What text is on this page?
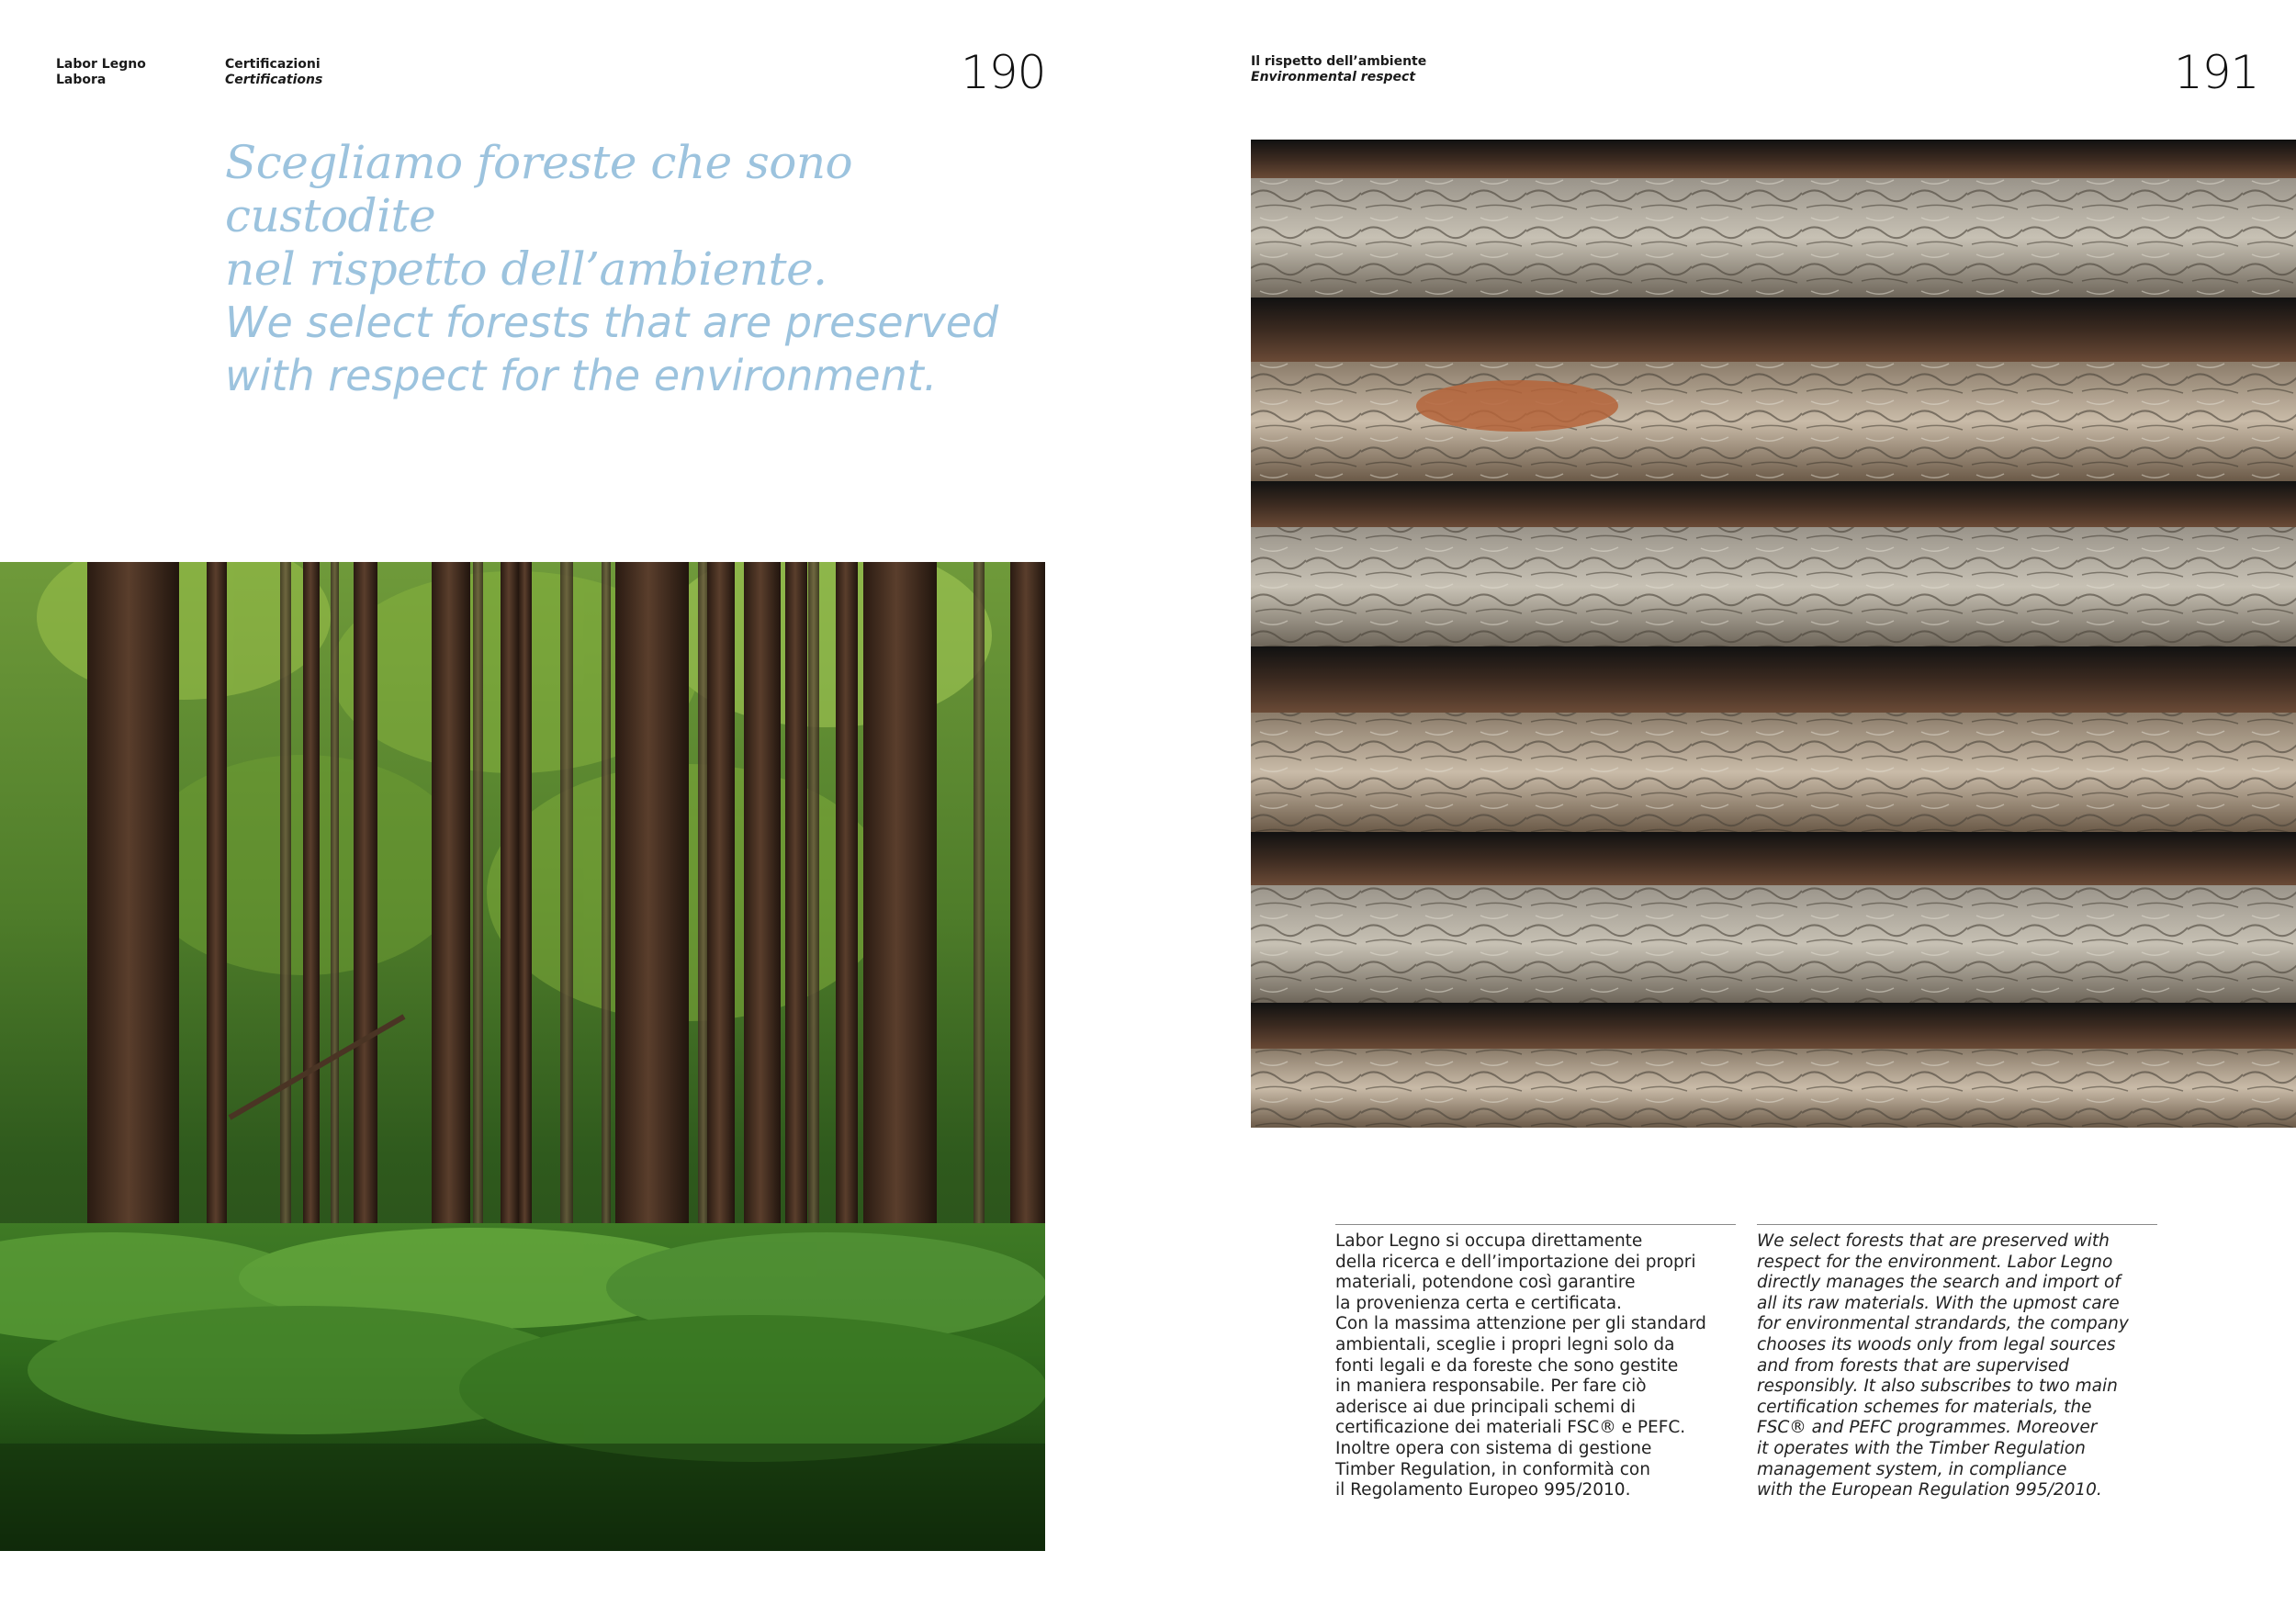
Labor Legno
Labora
Certificazioni
Certifications	190
Scegliamo foreste che sono custodite
nel rispetto dell’ambiente.
We select forests that are preserved
with respect for the environment.
Il rispetto dell’ambiente
Environmental respect	191

Labor Legno si occupa direttamente

della ricerca e dell’importazione dei propri

materiali, potendone così garantire

la provenienza certa e certificata.

Con la massima attenzione per gli standard

ambientali, sceglie i propri legni solo da

fonti legali e da foreste che sono gestite

in maniera responsabile. Per fare ciò

aderisce ai due principali schemi di

certificazione dei materiali FSC® e PEFC.

Inoltre opera con sistema di gestione

Timber Regulation, in conformità con

il Regolamento Europeo 995/2010.

We select forests that are preserved with

respect for the environment. Labor Legno

directly manages the search and import of

all its raw materials. With the upmost care

for environmental strandards, the company

chooses its woods only from legal sources

and from forests that are supervised

responsibly. It also subscribes to two main

certification schemes for materials, the

FSC® and PEFC programmes. Moreover

it operates with the Timber Regulation

management system, in compliance

with the European Regulation 995/2010.
